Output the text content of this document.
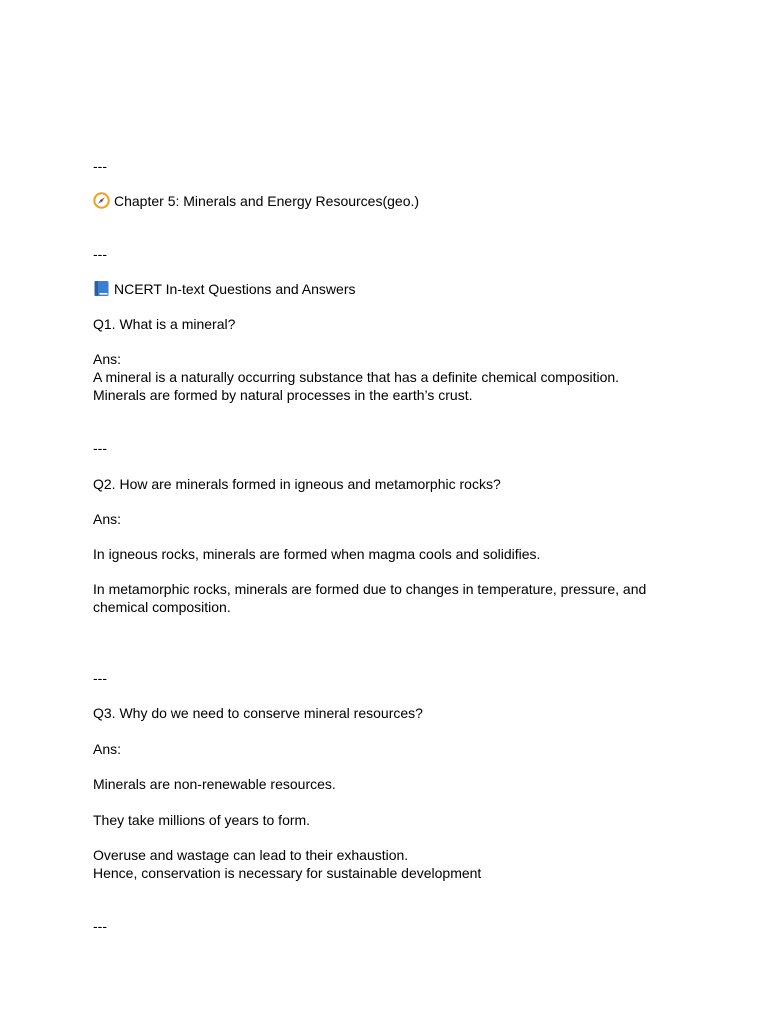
---
Chapter 5: Minerals and Energy Resources(geo.)
---
NCERT In-text Questions and Answers
Q1. What is a mineral?
Ans:
A mineral is a naturally occurring substance that has a definite chemical composition.
Minerals are formed by natural processes in the earth’s crust.
---
Q2. How are minerals formed in igneous and metamorphic rocks?
Ans:
In igneous rocks, minerals are formed when magma cools and solidifies.
In metamorphic rocks, minerals are formed due to changes in temperature, pressure, and
chemical composition.
---
Q3. Why do we need to conserve mineral resources?
Ans:
Minerals are non-renewable resources.
They take millions of years to form.
Overuse and wastage can lead to their exhaustion.
Hence, conservation is necessary for sustainable development
---
